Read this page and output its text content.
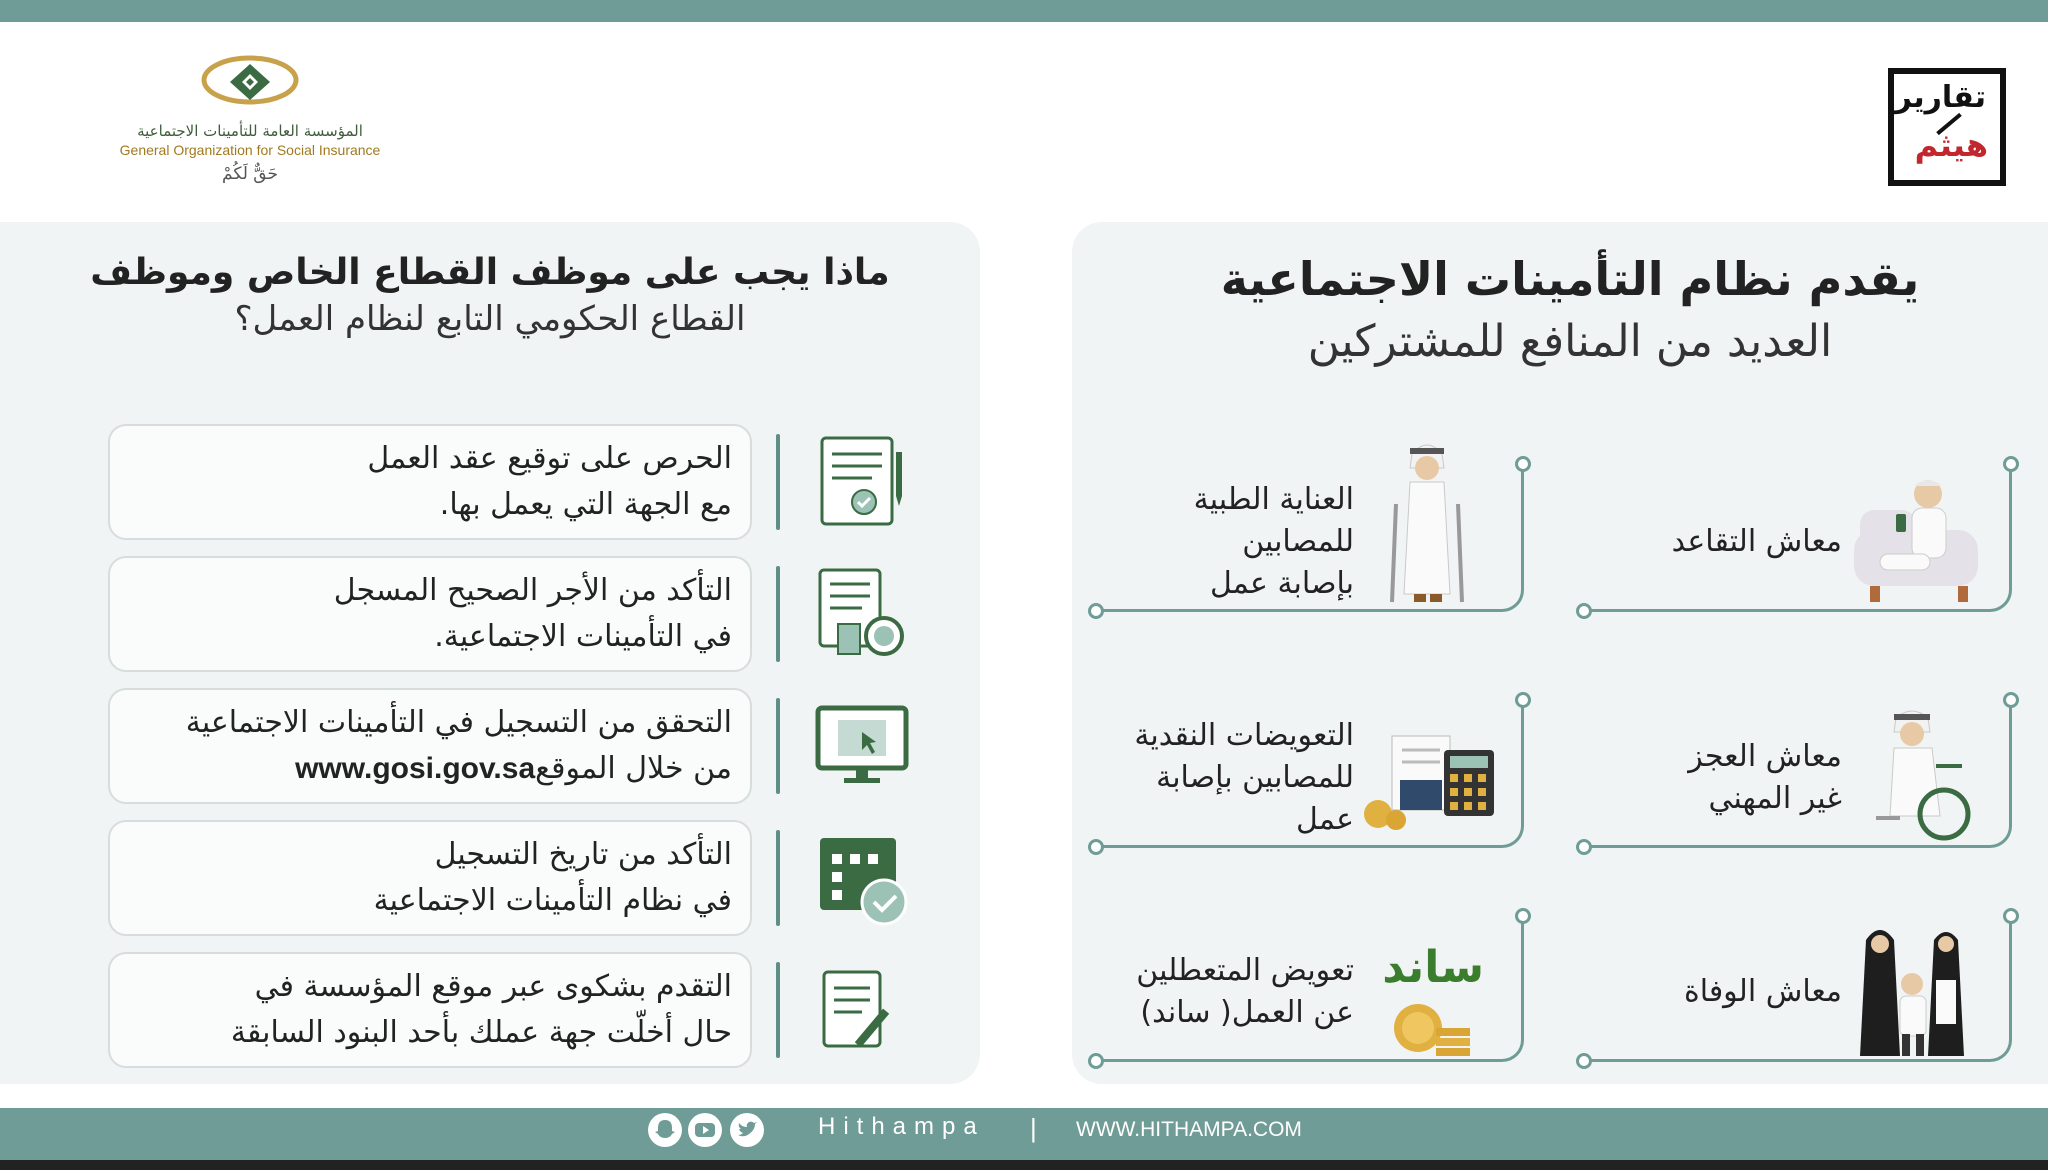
المؤسسة العامة للتأمينات الاجتماعية
General Organization for Social Insurance
حَقٌّ لَكُمْ
تقارير
هيثم
ماذا يجب على موظف القطاع الخاص وموظف
القطاع الحكومي التابع لنظام العمل؟
يقدم نظام التأمينات الاجتماعية
العديد من المنافع للمشتركين
الحرص على توقيع عقد العمل
مع الجهة التي يعمل بها.
التأكد من الأجر الصحيح المسجل
في التأمينات الاجتماعية.
التحقق من التسجيل في التأمينات الاجتماعية
من خلال الموقعwww.gosi.gov.sa
التأكد من تاريخ التسجيل
في نظام التأمينات الاجتماعية
التقدم بشكوى عبر موقع المؤسسة في
حال أخلّت جهة عملك بأحد البنود السابقة
معاش التقاعد
العناية الطبية
للمصابين
بإصابة عمل
معاش العجز
غير المهني
التعويضات النقدية
للمصابين بإصابة
عمل
معاش الوفاة
تعويض المتعطلين
عن العمل( ساند)
ساند
Hithampa | WWW.HITHAMPA.COM
